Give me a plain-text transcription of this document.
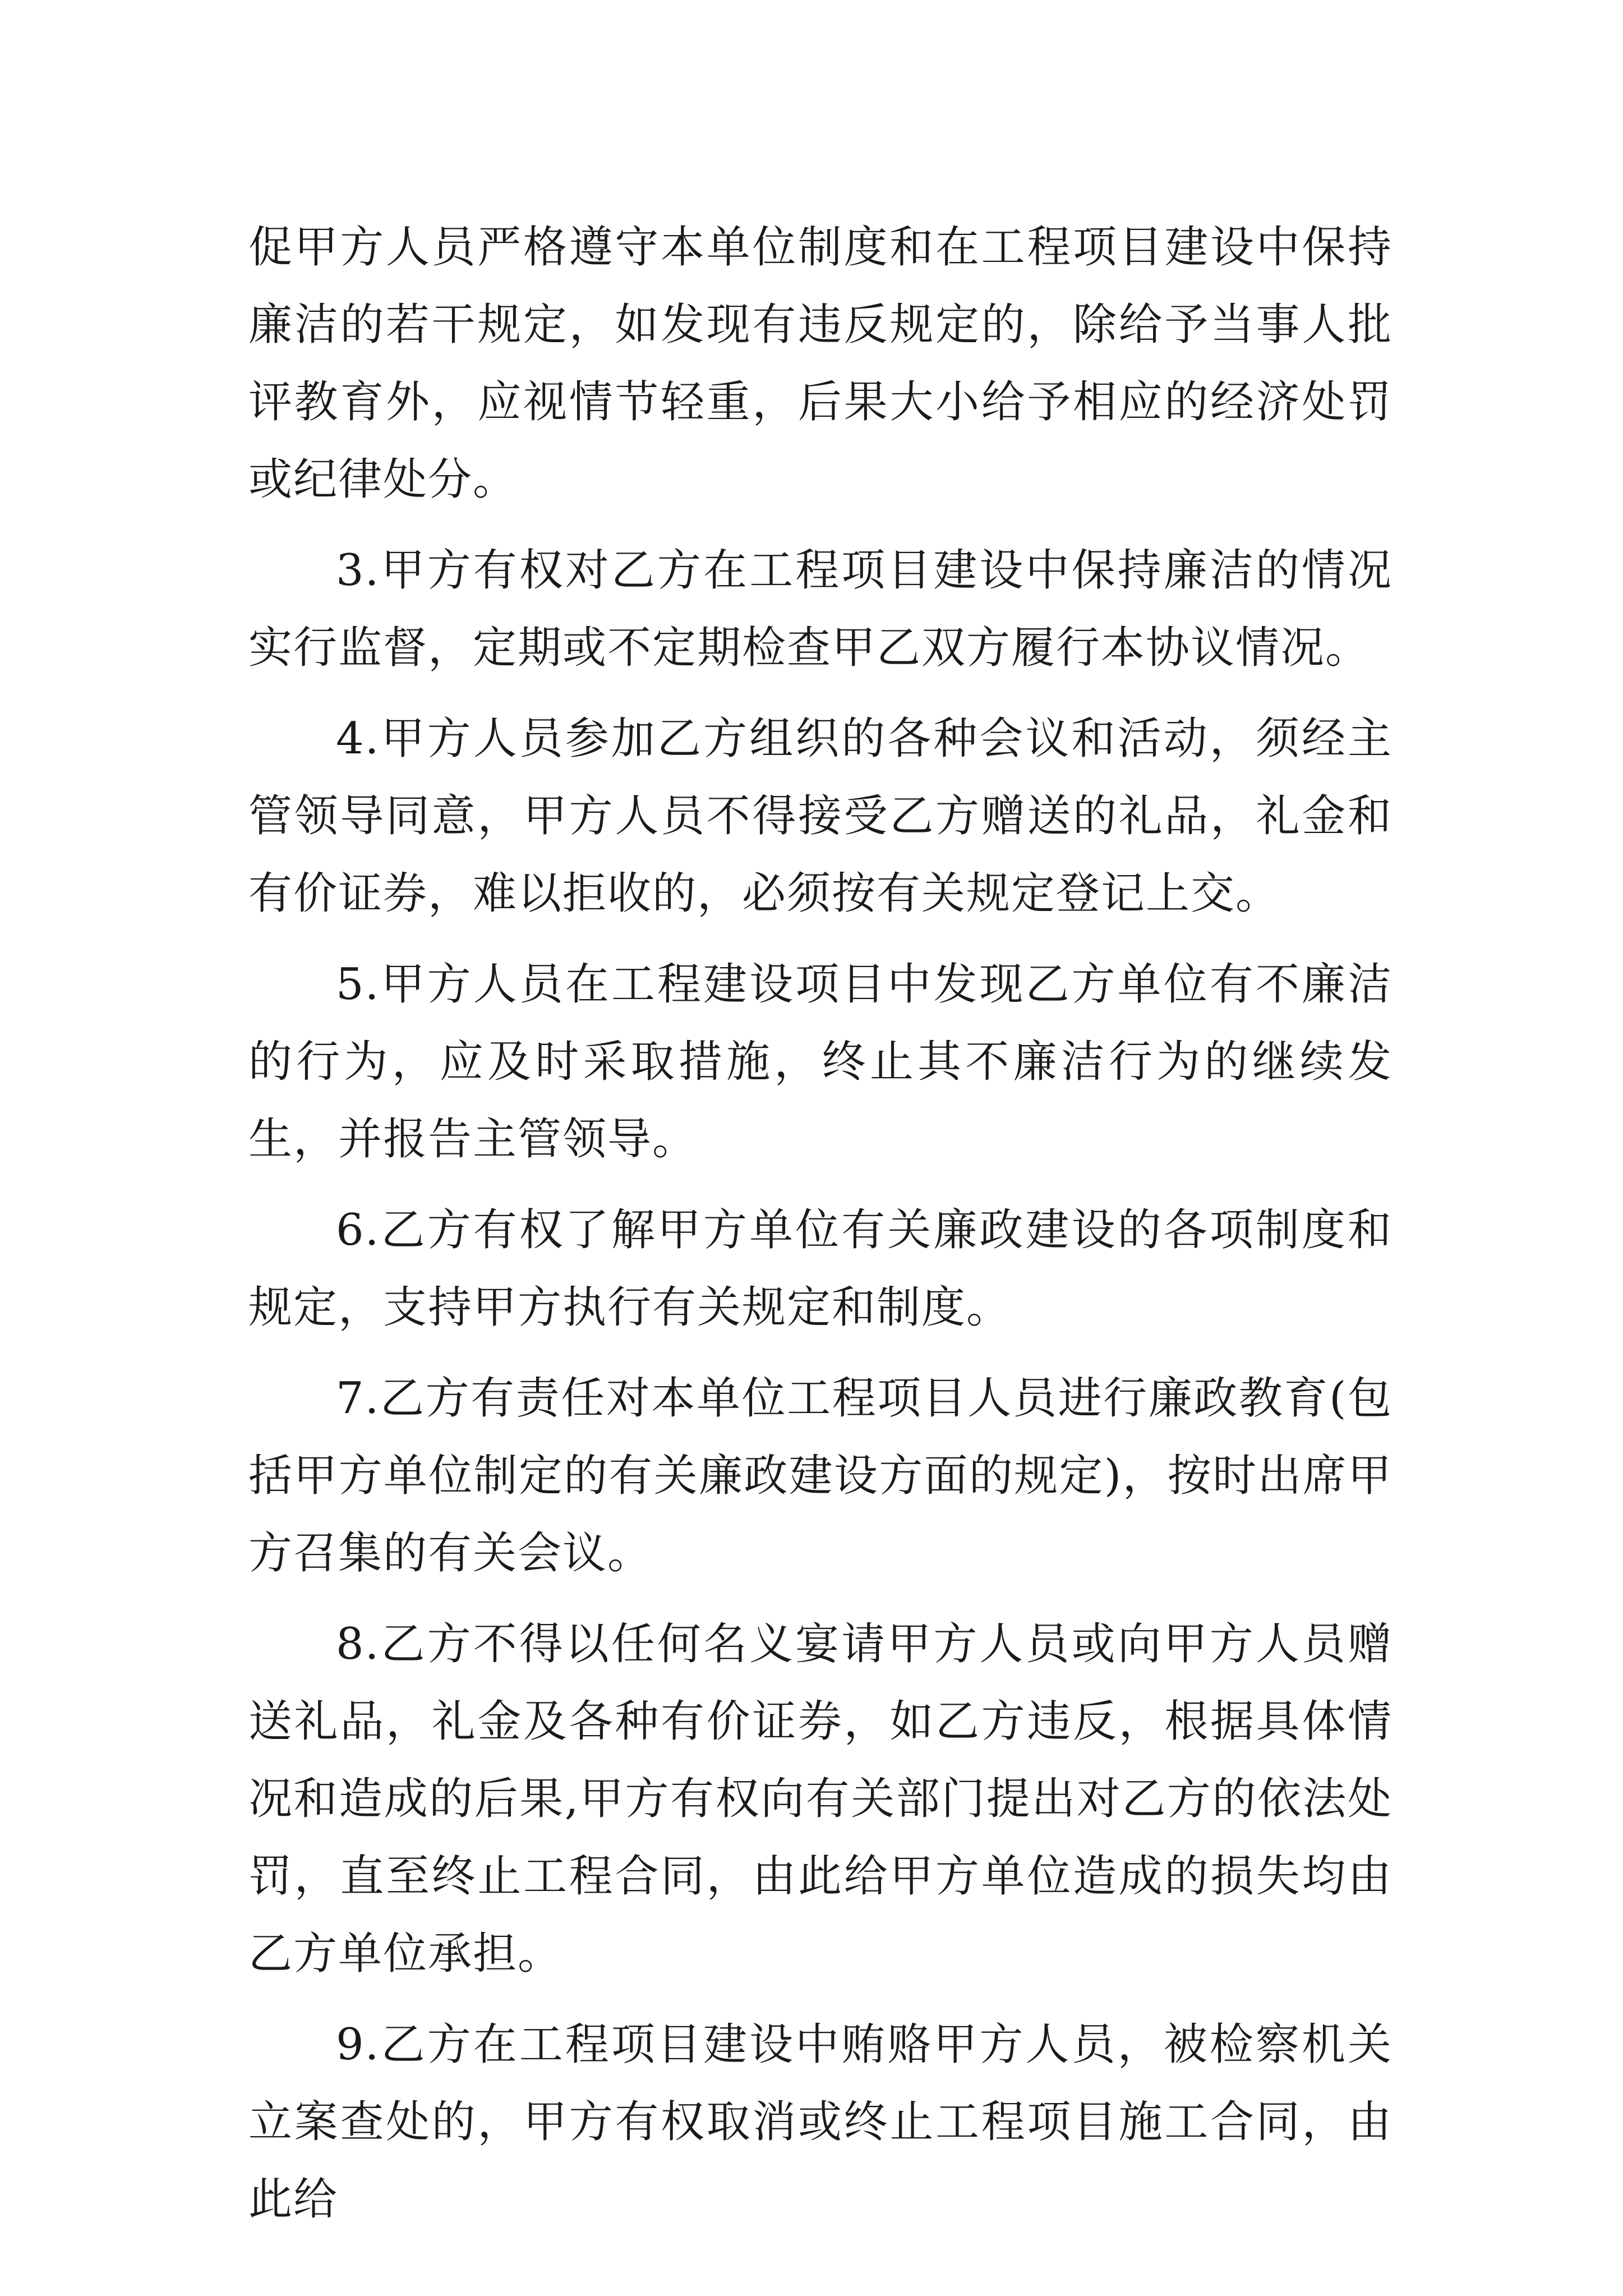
促甲方人员严格遵守本单位制度和在工程项目建设中保持廉洁的若干规定，如发现有违反规定的，除给予当事人批评教育外，应视情节轻重，后果大小给予相应的经济处罚或纪律处分。

3.甲方有权对乙方在工程项目建设中保持廉洁的情况实行监督，定期或不定期检查甲乙双方履行本协议情况。

4.甲方人员参加乙方组织的各种会议和活动，须经主管领导同意，甲方人员不得接受乙方赠送的礼品，礼金和有价证券，难以拒收的，必须按有关规定登记上交。

5.甲方人员在工程建设项目中发现乙方单位有不廉洁的行为，应及时采取措施，终止其不廉洁行为的继续发生，并报告主管领导。

6.乙方有权了解甲方单位有关廉政建设的各项制度和规定，支持甲方执行有关规定和制度。

7.乙方有责任对本单位工程项目人员进行廉政教育(包括甲方单位制定的有关廉政建设方面的规定)，按时出席甲方召集的有关会议。

8.乙方不得以任何名义宴请甲方人员或向甲方人员赠送礼品，礼金及各种有价证券，如乙方违反，根据具体情况和造成的后果,甲方有权向有关部门提出对乙方的依法处罚，直至终止工程合同，由此给甲方单位造成的损失均由乙方单位承担。

9.乙方在工程项目建设中贿赂甲方人员，被检察机关立案查处的，甲方有权取消或终止工程项目施工合同，由此给
